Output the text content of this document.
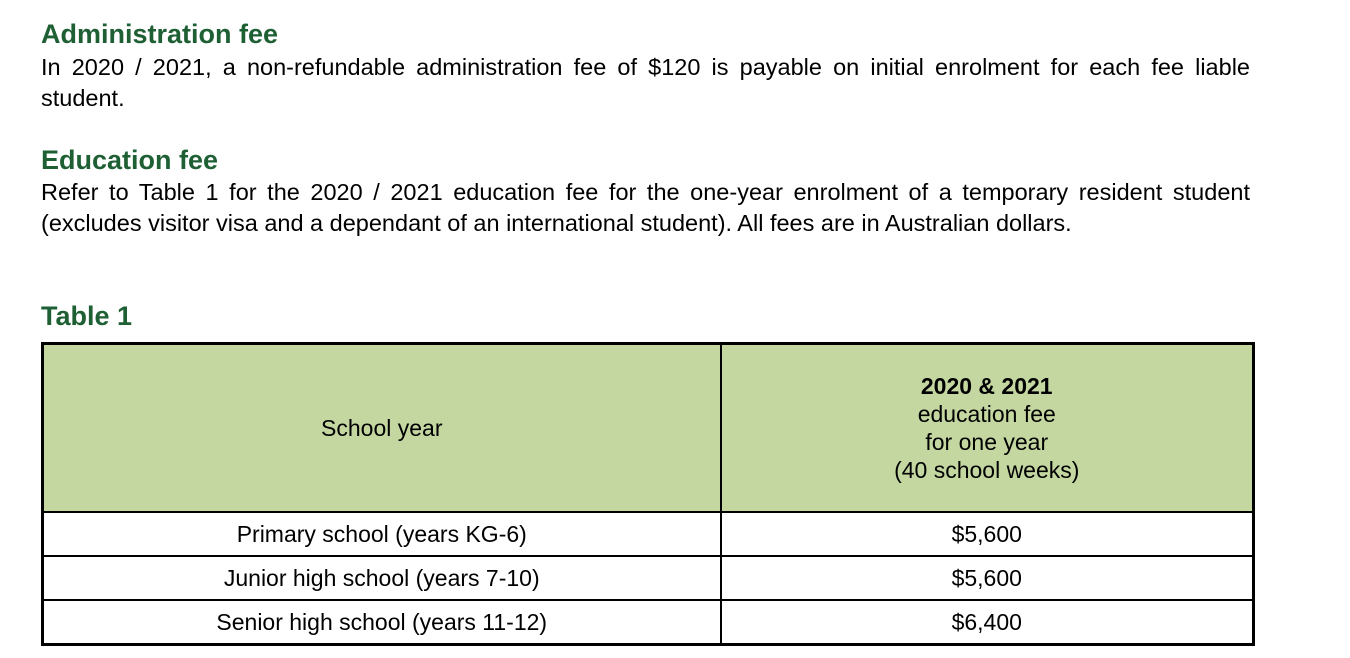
Administration fee

In 2020 / 2021, a non-refundable administration fee of $120 is payable on initial enrolment for each fee liable student.

Education fee

Refer to Table 1 for the 2020 / 2021 education fee for the one-year enrolment of a temporary resident student (excludes visitor visa and a dependant of an international student). All fees are in Australian dollars.

Table 1
School year	2020 & 2021
education fee
for one year
(40 school weeks)

Primary school (years KG-6)	$5,600
Junior high school (years 7-10)	$5,600
Senior high school (years 11-12)	$6,400
